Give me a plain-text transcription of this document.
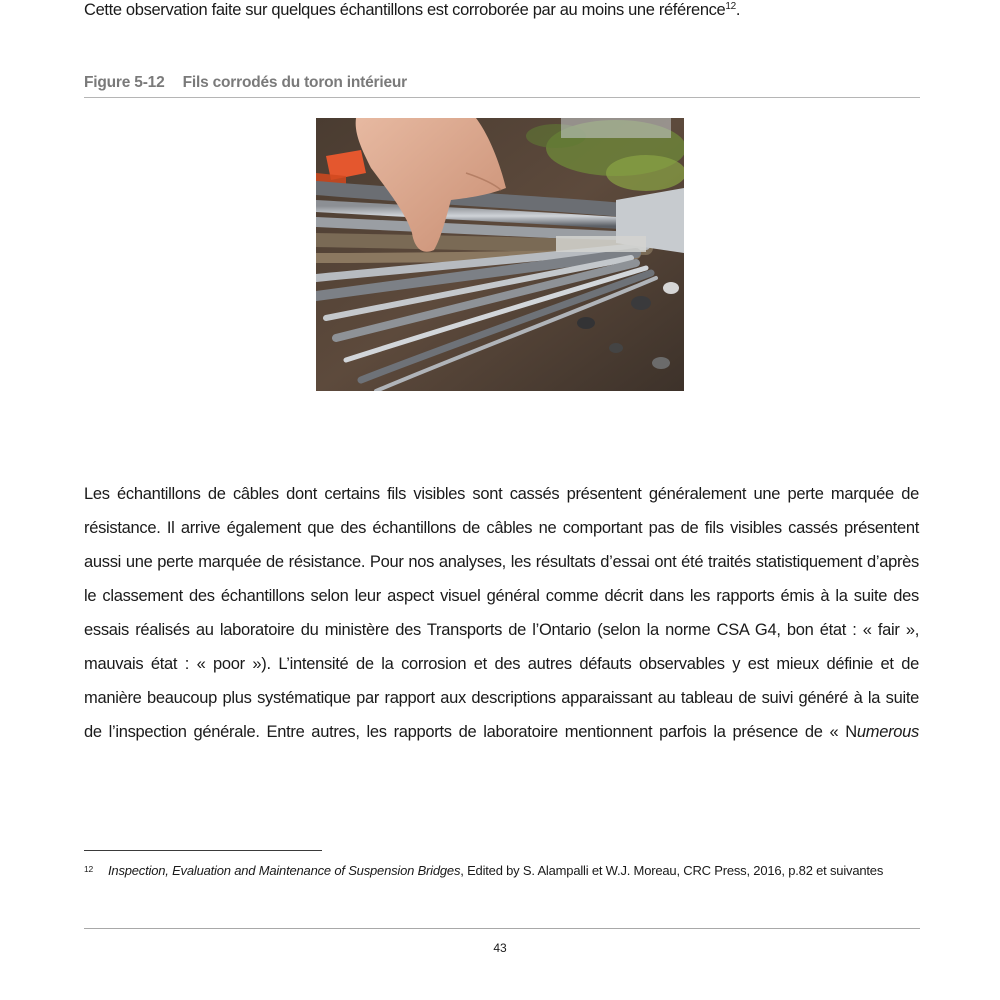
Cette observation faite sur quelques échantillons est corroborée par au moins une référence$^{12}$.
Figure 5-12 Fils corrodés du toron intérieur
Les échantillons de câbles dont certains fils visibles sont cassés présentent généralement une perte marquée de
résistance. Il arrive également que des échantillons de câbles ne comportant pas de fils visibles cassés présentent
aussi une perte marquée de résistance. Pour nos analyses, les résultats d’essai ont été traités statistiquement d’après
le classement des échantillons selon leur aspect visuel général comme décrit dans les rapports émis à la suite des
essais réalisés au laboratoire du ministère des Transports de l’Ontario (selon la norme CSA G4, bon état : « fair »,
mauvais état : « poor »). L’intensité de la corrosion et des autres défauts observables y est mieux définie et de
manière beaucoup plus systématique par rapport aux descriptions apparaissant au tableau de suivi généré à la suite
de l’inspection générale. Entre autres, les rapports de laboratoire mentionnent parfois la présence de « Numerous
12 Inspection, Evaluation and Maintenance of Suspension Bridges, Edited by S. Alampalli et W.J. Moreau, CRC Press, 2016, p.82 et suivantes
43
